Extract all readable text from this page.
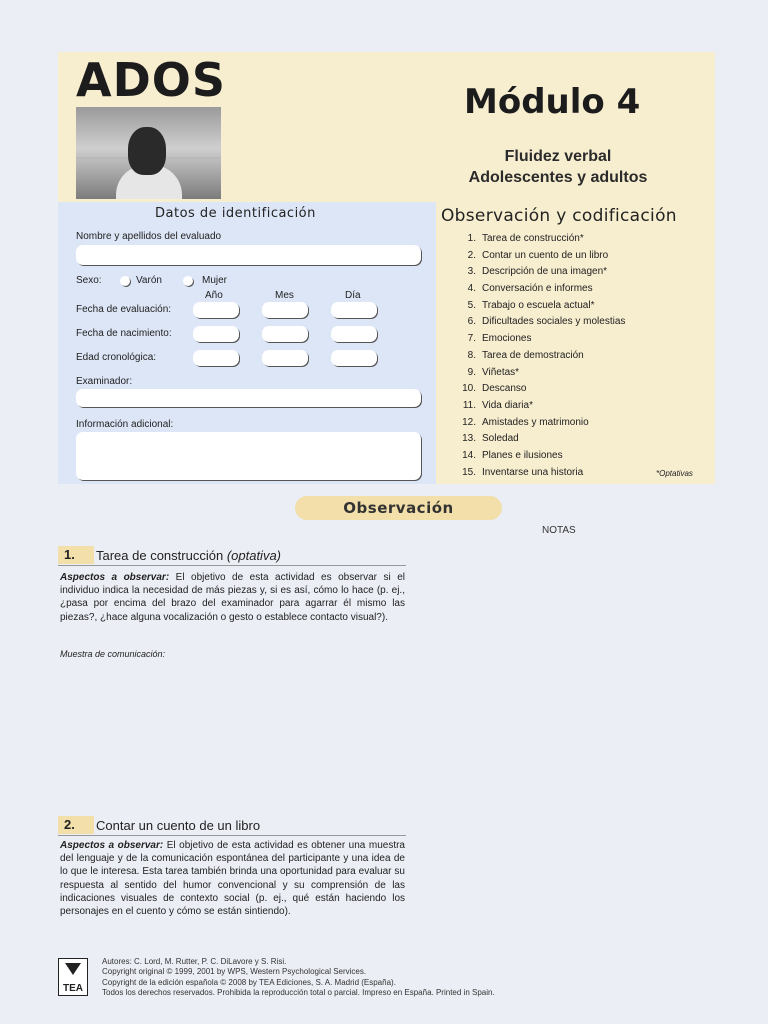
ADOS	Módulo 4
Fluidez verbal
Adolescentes y adultos
Datos de identificación
Nombre y apellidos del evaluado
Sexo:	Varón	Mujer
Año	Mes	Día
Fecha de evaluación:
Fecha de nacimiento:
Edad cronológica:
Examinador:
Información adicional:
Observación y codificación
1. Tarea de construcción*
2. Contar un cuento de un libro
3. Descripción de una imagen*
4. Conversación e informes
5. Trabajo o escuela actual*
6. Dificultades sociales y molestias
7. Emociones
8. Tarea de demostración
9. Viñetas*
10. Descanso
11. Vida diaria*
12. Amistades y matrimonio
13. Soledad
14. Planes e ilusiones
15. Inventarse una historia	*Optativas
Observación
NOTAS
1.	Tarea de construcción (optativa)
Aspectos a observar: El objetivo de esta actividad es observar si el individuo indica la necesidad de más piezas y, si es así, cómo lo hace (p. ej., ¿pasa por encima del brazo del examinador para agarrar él mismo las piezas?, ¿hace alguna vocalización o gesto o establece contacto visual?).
Muestra de comunicación:
2.	Contar un cuento de un libro
Aspectos a observar: El objetivo de esta actividad es obtener una muestra del lenguaje y de la comunicación espontánea del participante y una idea de lo que le interesa. Esta tarea también brinda una oportunidad para evaluar su respuesta al sentido del humor convencional y su comprensión de las indicaciones visuales de contexto social (p. ej., qué están haciendo los personajes en el cuento y cómo se están sintiendo).
TEA
Autores: C. Lord, M. Rutter, P. C. DiLavore y S. Risi.
Copyright original © 1999, 2001 by WPS, Western Psychological Services.
Copyright de la edición española © 2008 by TEA Ediciones, S. A. Madrid (España).
Todos los derechos reservados. Prohibida la reproducción total o parcial. Impreso en España. Printed in Spain.
